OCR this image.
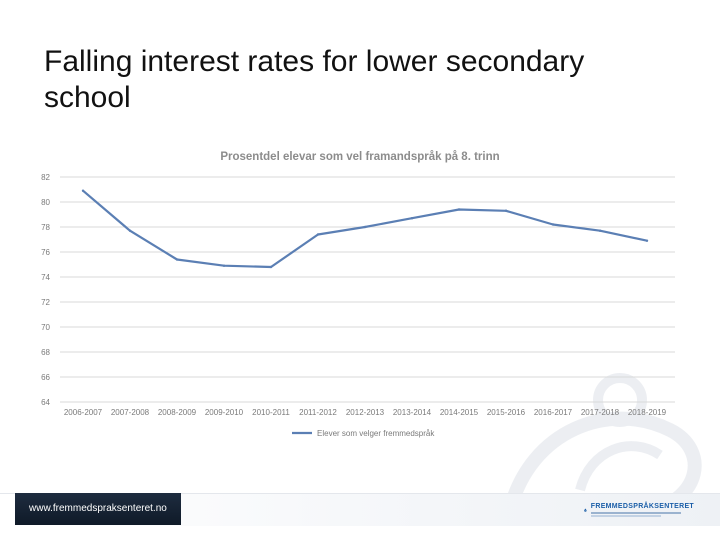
Falling interest rates for lower secondary school
Prosentdel elevar som vel framandspråk på 8. trinn
82
80
78
76
74
72
70
68
66
64
2006-2007 2007-2008 2008-2009 2009-2010 2010-2011 2011-2012 2012-2013 2013-2014 2014-2015 2015-2016 2016-2017 2017-2018 2018-2019
Elever som velger fremmedspråk
www.fremmedspraksenteret.no	FREMMEDSPRÅKSENTERET
